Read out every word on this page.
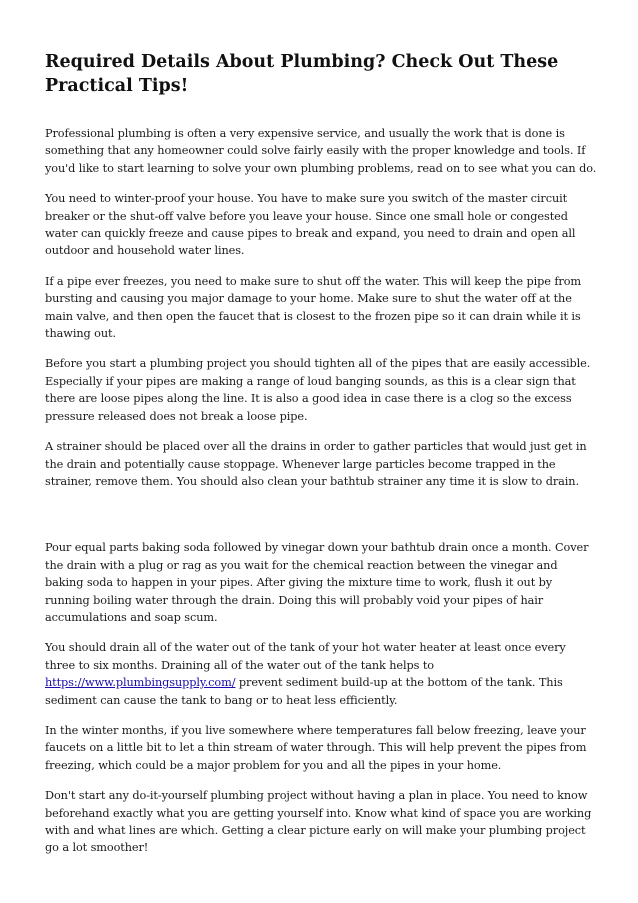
Required Details About Plumbing? Check Out These Practical Tips!

Professional plumbing is often a very expensive service, and usually the work that is done is something that any homeowner could solve fairly easily with the proper knowledge and tools. If you'd like to start learning to solve your own plumbing problems, read on to see what you can do.

You need to winter-proof your house. You have to make sure you switch of the master circuit breaker or the shut-off valve before you leave your house. Since one small hole or congested water can quickly freeze and cause pipes to break and expand, you need to drain and open all outdoor and household water lines.

If a pipe ever freezes, you need to make sure to shut off the water. This will keep the pipe from bursting and causing you major damage to your home. Make sure to shut the water off at the main valve, and then open the faucet that is closest to the frozen pipe so it can drain while it is thawing out.

Before you start a plumbing project you should tighten all of the pipes that are easily accessible. Especially if your pipes are making a range of loud banging sounds, as this is a clear sign that there are loose pipes along the line. It is also a good idea in case there is a clog so the excess pressure released does not break a loose pipe.

A strainer should be placed over all the drains in order to gather particles that would just get in the drain and potentially cause stoppage. Whenever large particles become trapped in the strainer, remove them. You should also clean your bathtub strainer any time it is slow to drain.

Pour equal parts baking soda followed by vinegar down your bathtub drain once a month. Cover the drain with a plug or rag as you wait for the chemical reaction between the vinegar and baking soda to happen in your pipes. After giving the mixture time to work, flush it out by running boiling water through the drain. Doing this will probably void your pipes of hair accumulations and soap scum.

You should drain all of the water out of the tank of your hot water heater at least once every three to six months. Draining all of the water out of the tank helps to https://www.plumbingsupply.com/ prevent sediment build-up at the bottom of the tank. This sediment can cause the tank to bang or to heat less efficiently.

In the winter months, if you live somewhere where temperatures fall below freezing, leave your faucets on a little bit to let a thin stream of water through. This will help prevent the pipes from freezing, which could be a major problem for you and all the pipes in your home.

Don't start any do-it-yourself plumbing project without having a plan in place. You need to know beforehand exactly what you are getting yourself into. Know what kind of space you are working with and what lines are which. Getting a clear picture early on will make your plumbing project go a lot smoother!
